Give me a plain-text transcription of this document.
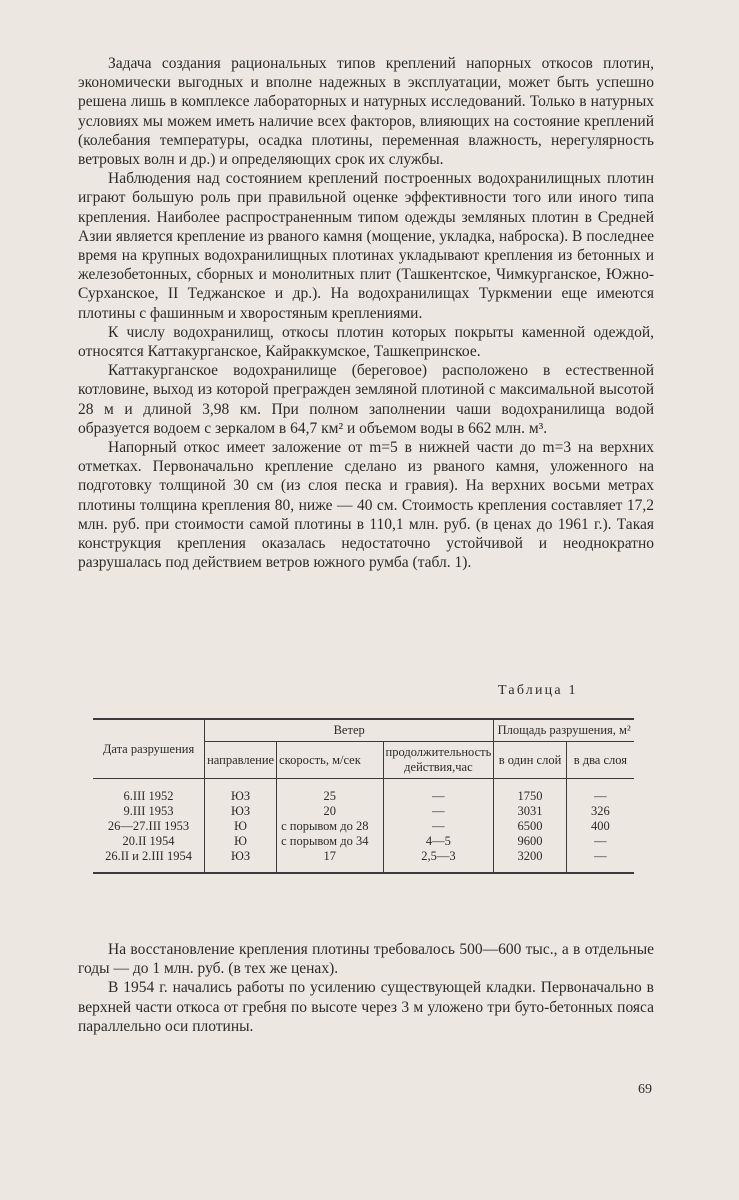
Задача создания рациональных типов креплений напорных откосов плотин, экономически выгодных и вполне надежных в эксплуатации, может быть успешно решена лишь в комплексе лабораторных и натурных исследований. Только в натурных условиях мы можем иметь наличие всех факторов, влияющих на состояние креплений (колебания температуры, осадка плотины, переменная влажность, нерегулярность ветровых волн и др.) и определяющих срок их службы.

Наблюдения над состоянием креплений построенных водохранилищных плотин играют большую роль при правильной оценке эффективности того или иного типа крепления. Наиболее распространенным типом одежды земляных плотин в Средней Азии является крепление из рваного камня (мощение, укладка, наброска). В последнее время на крупных водохранилищных плотинах укладывают крепления из бетонных и железобетонных, сборных и монолитных плит (Ташкентское, Чимкурганское, Южно-Сурханское, II Теджанское и др.). На водохранилищах Туркмении еще имеются плотины с фашинным и хворостяным креплениями.

К числу водохранилищ, откосы плотин которых покрыты каменной одеждой, относятся Каттакурганское, Кайраккумское, Ташкепринское.

Каттакурганское водохранилище (береговое) расположено в естественной котловине, выход из которой прегражден земляной плотиной с максимальной высотой 28 м и длиной 3,98 км. При полном заполнении чаши водохранилища водой образуется водоем с зеркалом в 64,7 км² и объемом воды в 662 млн. м³.

Напорный откос имеет заложение от m=5 в нижней части до m=3 на верхних отметках. Первоначально крепление сделано из рваного камня, уложенного на подготовку толщиной 30 см (из слоя песка и гравия). На верхних восьми метрах плотины толщина крепления 80, ниже — 40 см. Стоимость крепления составляет 17,2 млн. руб. при стоимости самой плотины в 110,1 млн. руб. (в ценах до 1961 г.). Такая конструкция крепления оказалась недостаточно устойчивой и неоднократно разрушалась под действием ветров южного румба (табл. 1).

Таблица 1
Дата разрушения	Ветер			Площадь разрушения, м²	
	направление	скорость, м/сек	продолжительность действия,час	в один слой	в два слоя
6.III 1952	ЮЗ	25	—	1750	—
9.III 1953	ЮЗ	20	—	3031	326
26—27.III 1953	Ю	с порывом до 28	—	6500	400
20.II 1954	Ю	с порывом до 34	4—5	9600	—
26.II и 2.III 1954	ЮЗ	17	2,5—3	3200	—

На восстановление крепления плотины требовалось 500—600 тыс., а в отдельные годы — до 1 млн. руб. (в тех же ценах).

В 1954 г. начались работы по усилению существующей кладки. Первоначально в верхней части откоса от гребня по высоте через 3 м уложено три буто-бетонных пояса параллельно оси плотины.

69
